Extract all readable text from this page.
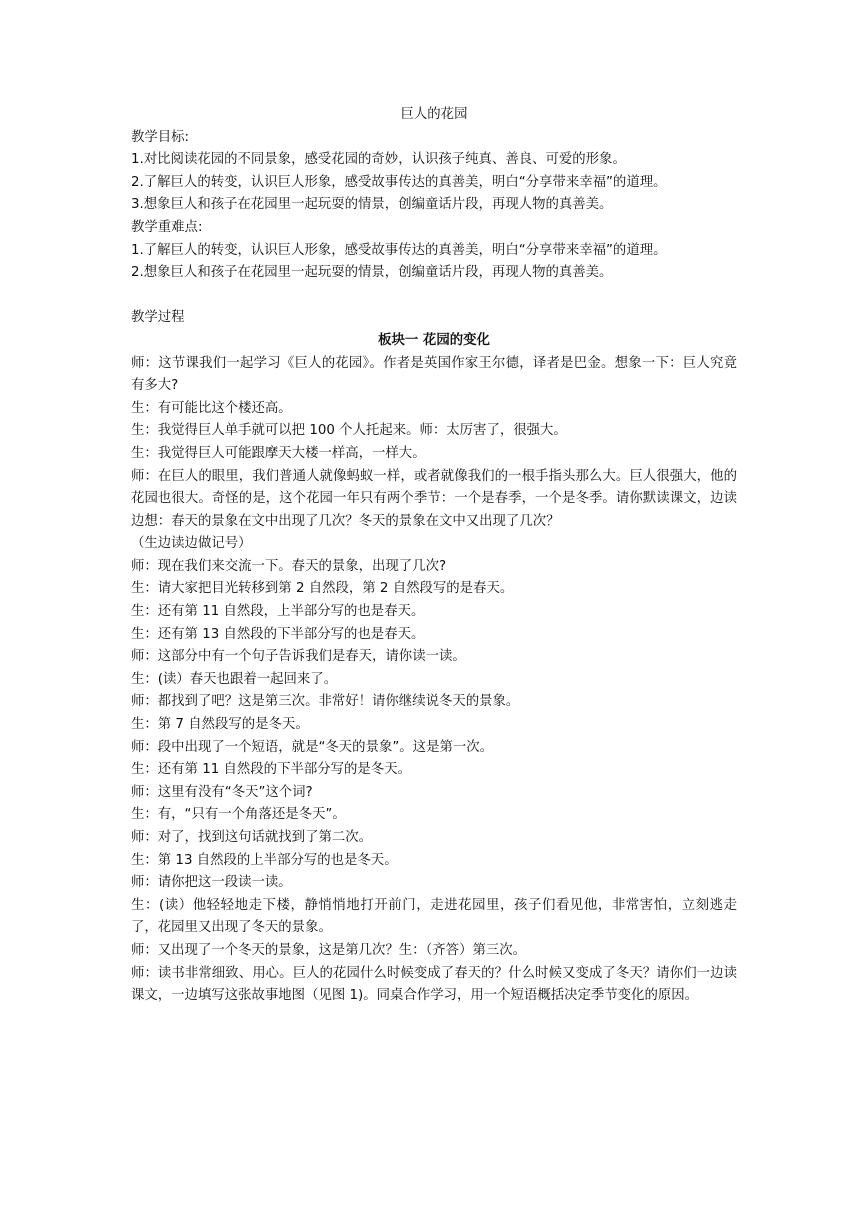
巨人的花园

教学目标:

1.对比阅读花园的不同景象，感受花园的奇妙，认识孩子纯真、善良、可爱的形象。

2.了解巨人的转变，认识巨人形象，感受故事传达的真善美，明白“分享带来幸福”的道理。

3.想象巨人和孩子在花园里一起玩耍的情景，创编童话片段，再现人物的真善美。

教学重难点:

1.了解巨人的转变，认识巨人形象，感受故事传达的真善美，明白“分享带来幸福”的道理。

2.想象巨人和孩子在花园里一起玩耍的情景，创编童话片段，再现人物的真善美。

教学过程

板块一 花园的变化

师：这节课我们一起学习《巨人的花园》。作者是英国作家王尔德，译者是巴金。想象一下：巨人究竟有多大?

生：有可能比这个楼还高。

生：我觉得巨人单手就可以把 100 个人托起来。师：太厉害了，很强大。

生：我觉得巨人可能跟摩天大楼一样高，一样大。

师：在巨人的眼里，我们普通人就像蚂蚁一样，或者就像我们的一根手指头那么大。巨人很强大，他的花园也很大。奇怪的是，这个花园一年只有两个季节：一个是春季，一个是冬季。请你默读课文，边读边想：春天的景象在文中出现了几次？冬天的景象在文中又出现了几次？

（生边读边做记号）

师：现在我们来交流一下。春天的景象，出现了几次?

生：请大家把目光转移到第 2 自然段，第 2 自然段写的是春天。

生：还有第 11 自然段，上半部分写的也是春天。

生：还有第 13 自然段的下半部分写的也是春天。

师：这部分中有一个句子告诉我们是春天，请你读一读。

生：(读）春天也跟着一起回来了。

师：都找到了吧？这是第三次。非常好！请你继续说冬天的景象。

生：第 7 自然段写的是冬天。

师：段中出现了一个短语，就是“冬天的景象”。这是第一次。

生：还有第 11 自然段的下半部分写的是冬天。

师：这里有没有“冬天”这个词?

生：有，“只有一个角落还是冬天”。

师：对了，找到这句话就找到了第二次。

生：第 13 自然段的上半部分写的也是冬天。

师：请你把这一段读一读。

生：(读）他轻轻地走下楼，静悄悄地打开前门，走进花园里，孩子们看见他，非常害怕，立刻逃走了，花园里又出现了冬天的景象。

师：又出现了一个冬天的景象，这是第几次？生：（齐答）第三次。

师：读书非常细致、用心。巨人的花园什么时候变成了春天的？什么时候又变成了冬天？请你们一边读课文，一边填写这张故事地图（见图 1)。同桌合作学习，用一个短语概括决定季节变化的原因。
